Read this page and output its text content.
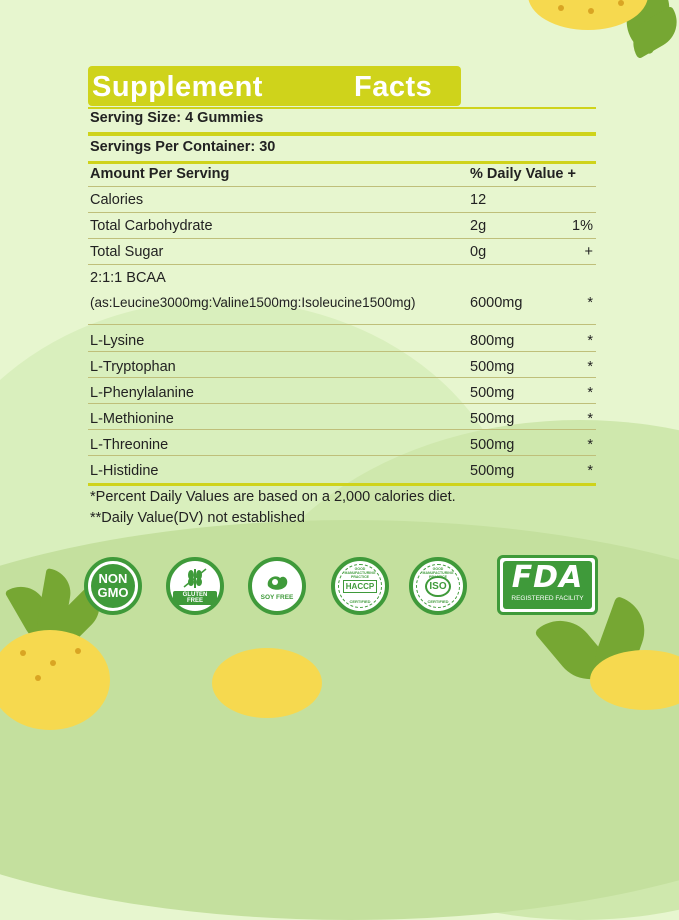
Supplement	Facts
Serving Size: 4 Gummies
Servings Per Container: 30
Amount Per Serving	% Daily Value +
Calories	12
Total Carbohydrate	2g	1%
Total Sugar	0g	+
2:1:1 BCAA
(as:Leucine3000mg:Valine1500mg:Isoleucine1500mg)	6000mg	*
L-Lysine	800mg	*
L-Tryptophan	500mg	*
L-Phenylalanine	500mg	*
L-Methionine	500mg	*
L-Threonine	500mg	*
L-Histidine	500mg	*
*Percent Daily Values are based on a 2,000 calories diet.
**Daily Value(DV) not established
NON
GMO	GLUTEN FREE
SOY FREE
GOOD MANUFACTURING PRACTICE
HACCP
CERTIFIED
GOOD MANUFACTURING PRACTICE
ISO
CERTIFIED
FDA
REGISTERED FACILITY
